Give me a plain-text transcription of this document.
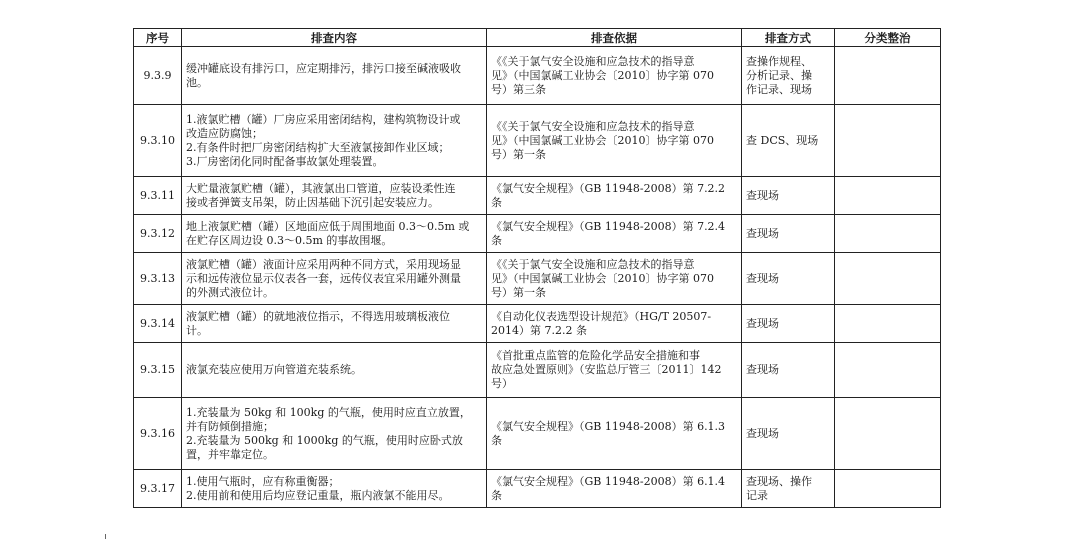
序号	排查内容	排查依据	排查方式	分类整治
9.3.9	缓冲罐底设有排污口，应定期排污，排污口接至碱液吸收
池。	《《关于氯气安全设施和应急技术的指导意
见》（中国氯碱工业协会〔2010〕协字第 070
号）第三条	查操作规程、
分析记录、操
作记录、现场	
9.3.10	1.液氯贮槽（罐）厂房应采用密闭结构，建构筑物设计或
改造应防腐蚀；
2.有条件时把厂房密闭结构扩大至液氯接卸作业区域；
3.厂房密闭化同时配备事故氯处理装置。	《《关于氯气安全设施和应急技术的指导意
见》（中国氯碱工业协会〔2010〕协字第 070
号）第一条	查 DCS、现场	
9.3.11	大贮量液氯贮槽（罐），其液氯出口管道，应装设柔性连
接或者弹簧支吊架，防止因基础下沉引起安装应力。	《氯气安全规程》（GB 11948-2008）第 7.2.2
条	查现场	
9.3.12	地上液氯贮槽（罐）区地面应低于周围地面 0.3～0.5m 或
在贮存区周边设 0.3～0.5m 的事故围堰。	《氯气安全规程》（GB 11948-2008）第 7.2.4
条	查现场	
9.3.13	液氯贮槽（罐）液面计应采用两种不同方式，采用现场显
示和远传液位显示仪表各一套，远传仪表宜采用罐外测量
的外测式液位计。	《《关于氯气安全设施和应急技术的指导意
见》（中国氯碱工业协会〔2010〕协字第 070
号）第一条	查现场	
9.3.14	液氯贮槽（罐）的就地液位指示，不得选用玻璃板液位
计。	《自动化仪表选型设计规范》（HG/T 20507-
2014）第 7.2.2 条	查现场	
9.3.15	液氯充装应使用万向管道充装系统。	《首批重点监管的危险化学品安全措施和事
故应急处置原则》（安监总厅管三〔2011〕142
号）	查现场	
9.3.16	1.充装量为 50kg 和 100kg 的气瓶，使用时应直立放置，
并有防倾倒措施；
2.充装量为 500kg 和 1000kg 的气瓶，使用时应卧式放
置，并牢靠定位。	《氯气安全规程》（GB 11948-2008）第 6.1.3
条	查现场	
9.3.17	1.使用气瓶时，应有称重衡器；
2.使用前和使用后均应登记重量，瓶内液氯不能用尽。	《氯气安全规程》（GB 11948-2008）第 6.1.4
条	查现场、操作
记录	
